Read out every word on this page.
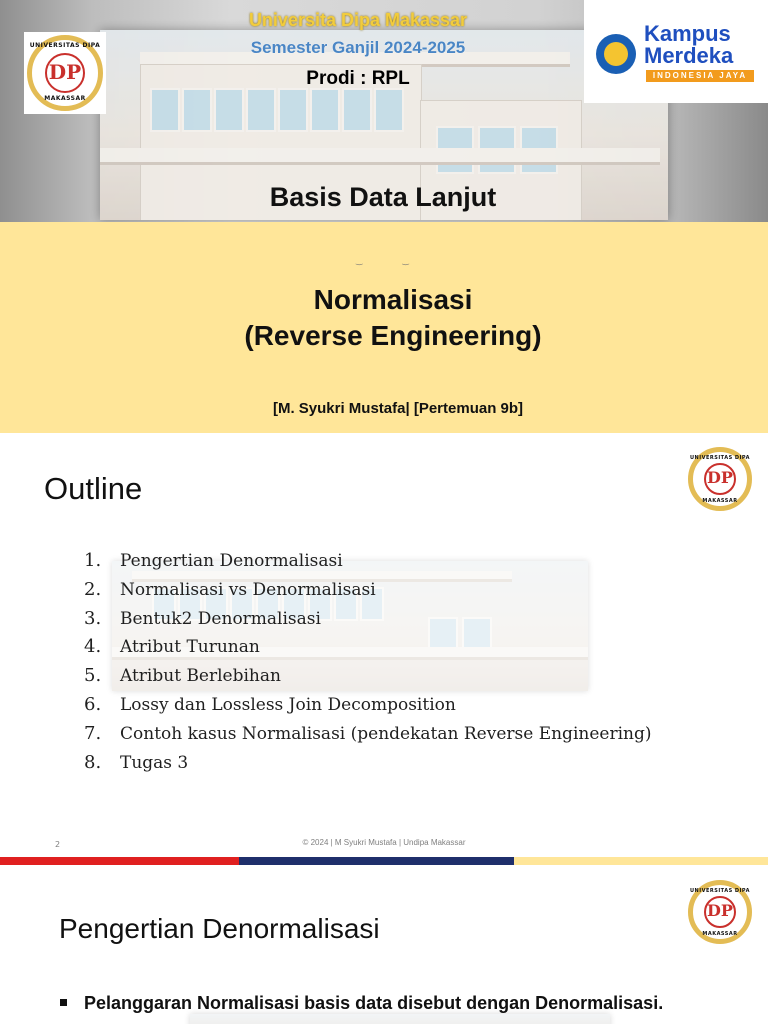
DP
UNIVERSITAS DIPA
MAKASSAR
Kampus
Merdeka
INDONESIA JAYA
Universita Dipa Makassar
Semester Ganjil 2024-2025
Prodi : RPL
Basis Data Lanjut
‿‿
Normalisasi
(Reverse Engineering)
[M. Syukri Mustafa| [Pertemuan 9b]
Outline	DP
UNIVERSITAS DIPA
MAKASSAR
1. Pengertian Denormalisasi
2. Normalisasi vs Denormalisasi
3. Bentuk2 Denormalisasi
4. Atribut Turunan
5. Atribut Berlebihan
6. Lossy dan Lossless Join Decomposition
7. Contoh kasus Normalisasi (pendekatan Reverse Engineering)
8. Tugas 3
2	© 2024 | M Syukri Mustafa | Undipa Makassar
Pengertian Denormalisasi
DP
UNIVERSITAS DIPA
MAKASSAR
Pelanggaran Normalisasi basis data disebut dengan Denormalisasi.
